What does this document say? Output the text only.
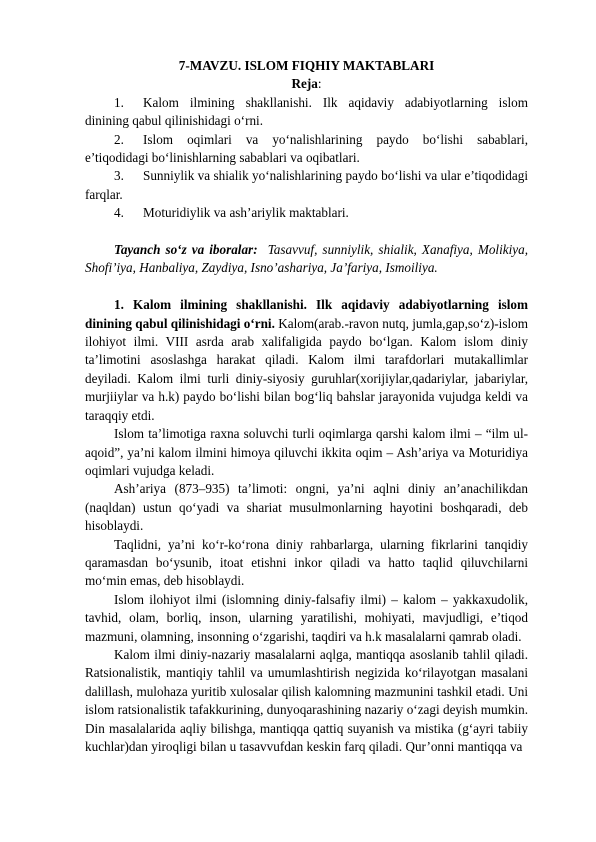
7-MAVZU. ISLOM FIQHIY MAKTABLARI

Reja:

1. Kalom ilmining shakllanishi. Ilk aqidaviy adabiyotlarning islom dinining qabul qilinishidagi o‘rni.

2. Islom oqimlari va yo‘nalishlarining paydo bo‘lishi sabablari, e’tiqodidagi bo‘linishlarning sabablari va oqibatlari.

3. Sunniylik va shialik yo‘nalishlarining paydo bo‘lishi va ular e’tiqodidagi farqlar.

4. Moturidiylik va ash’ariylik maktablari.

Tayanch so‘z va iboralar: Tasavvuf, sunniylik, shialik, Xanafiya, Molikiya, Shofi’iya, Hanbaliya, Zaydiya, Isno’ashariya, Ja’fariya, Ismoiliya.

1. Kalom ilmining shakllanishi. Ilk aqidaviy adabiyotlarning islom dinining qabul qilinishidagi o‘rni. Kalom(arab.-ravon nutq, jumla,gap,so‘z)-islom ilohiyot ilmi. VIII asrda arab xalifaligida paydo bo‘lgan. Kalom islom diniy ta’limotini asoslashga harakat qiladi. Kalom ilmi tarafdorlari mutakallimlar deyiladi. Kalom ilmi turli diniy-siyosiy guruhlar(xorijiylar,qadariylar, jabariylar, murjiiylar va h.k) paydo bo‘lishi bilan bog‘liq bahslar jarayonida vujudga keldi va taraqqiy etdi.

Islom ta’limotiga raxna soluvchi turli oqimlarga qarshi kalom ilmi – “ilm ul-aqoid”, ya’ni kalom ilmini himoya qiluvchi ikkita oqim – Ash’ariya va Moturidiya oqimlari vujudga keladi.

Ash’ariya (873–935) ta’limoti: ongni, ya’ni aqlni diniy an’anachilikdan (naqldan) ustun qo‘yadi va shariat musulmonlarning hayotini boshqaradi, deb hisoblaydi.

Taqlidni, ya’ni ko‘r-ko‘rona diniy rahbarlarga, ularning fikrlarini tanqidiy qaramasdan bo‘ysunib, itoat etishni inkor qiladi va hatto taqlid qiluvchilarni mo‘min emas, deb hisoblaydi.

Islom ilohiyot ilmi (islomning diniy-falsafiy ilmi) – kalom – yakkaxudolik, tavhid, olam, borliq, inson, ularning yaratilishi, mohiyati, mavjudligi, e’tiqod mazmuni, olamning, insonning o‘zgarishi, taqdiri va h.k masalalarni qamrab oladi.

Kalom ilmi diniy-nazariy masalalarni aqlga, mantiqqa asoslanib tahlil qiladi. Ratsionalistik, mantiqiy tahlil va umumlashtirish negizida ko‘rilayotgan masalani dalillash, mulohaza yuritib xulosalar qilish kalomning mazmunini tashkil etadi. Uni islom ratsionalistik tafakkurining, dunyoqarashining nazariy o‘zagi deyish mumkin. Din masalalarida aqliy bilishga, mantiqqa qattiq suyanish va mistika (g‘ayri tabiiy kuchlar)dan yiroqligi bilan u tasavvufdan keskin farq qiladi. Qur’onni mantiqqa va
